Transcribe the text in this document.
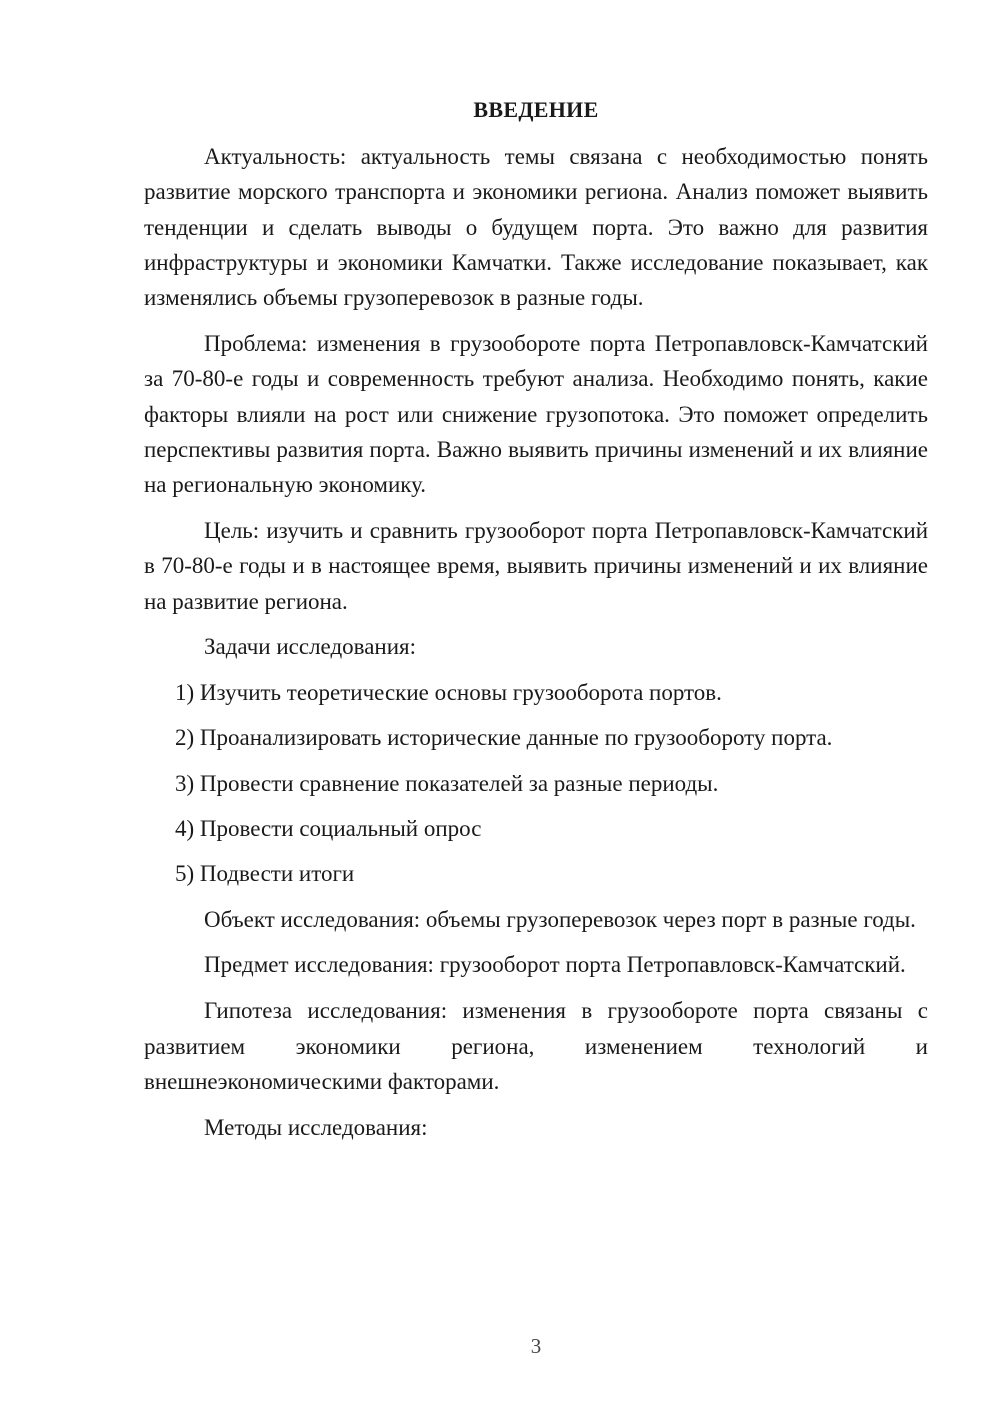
ВВЕДЕНИЕ

Актуальность: актуальность темы связана с необходимостью понять развитие морского транспорта и экономики региона. Анализ поможет выявить тенденции и сделать выводы о будущем порта. Это важно для развития инфраструктуры и экономики Камчатки. Также исследование показывает, как изменялись объемы грузоперевозок в разные годы.

Проблема: изменения в грузообороте порта Петропавловск-Камчатский за 70-80-е годы и современность требуют анализа. Необходимо понять, какие факторы влияли на рост или снижение грузопотока. Это поможет определить перспективы развития порта. Важно выявить причины изменений и их влияние на региональную экономику.

Цель: изучить и сравнить грузооборот порта Петропавловск-Камчатский в 70-80-е годы и в настоящее время, выявить причины изменений и их влияние на развитие региона.

Задачи исследования:

1) Изучить теоретические основы грузооборота портов.
2) Проанализировать исторические данные по грузообороту порта.
3) Провести сравнение показателей за разные периоды.
4) Провести социальный опрос
5) Подвести итоги

Объект исследования: объемы грузоперевозок через порт в разные годы.

Предмет исследования: грузооборот порта Петропавловск-Камчатский.

Гипотеза исследования: изменения в грузообороте порта связаны с развитием экономики региона, изменением технологий и внешнеэкономическими факторами.

Методы исследования:

3
